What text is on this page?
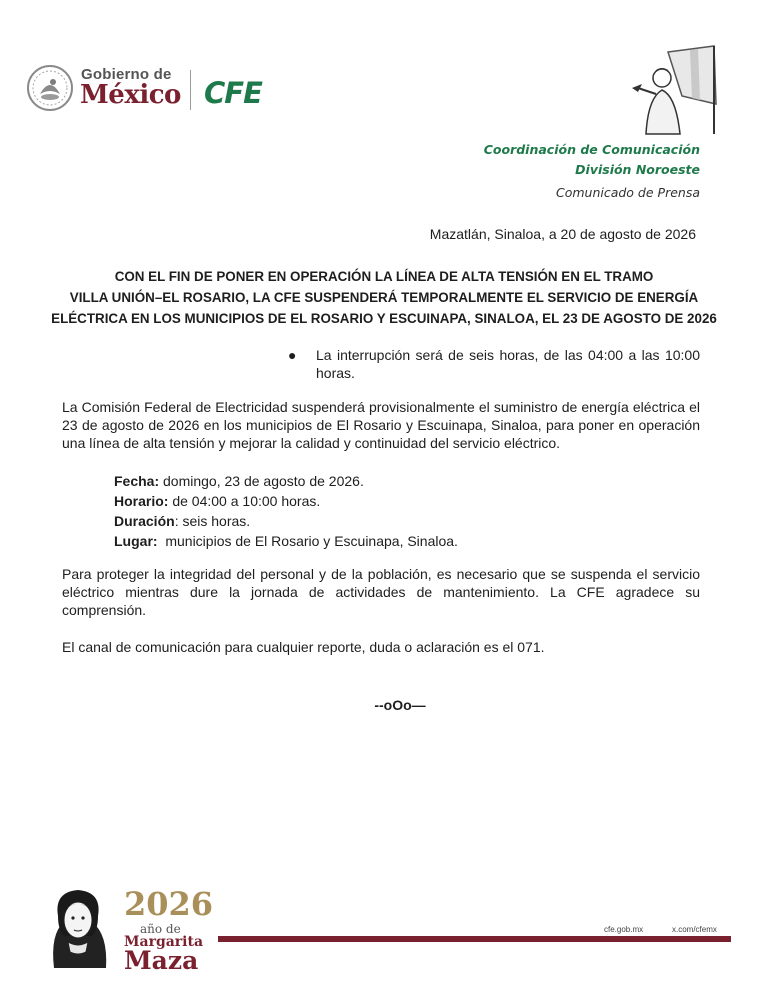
Gobierno de
México CFE
Coordinación de Comunicación
División Noroeste
Comunicado de Prensa
Mazatlán, Sinaloa, a 20 de agosto de 2026
CON EL FIN DE PONER EN OPERACIÓN LA LÍNEA DE ALTA TENSIÓN EN EL TRAMO
VILLA UNIÓN–EL ROSARIO, LA CFE SUSPENDERÁ TEMPORALMENTE EL SERVICIO DE ENERGÍA
ELÉCTRICA EN LOS MUNICIPIOS DE EL ROSARIO Y ESCUINAPA, SINALOA, EL 23 DE AGOSTO DE 2026
● La interrupción será de seis horas, de las 04:00 a las 10:00 horas.
La Comisión Federal de Electricidad suspenderá provisionalmente el suministro de energía eléctrica el 23 de agosto de 2026 en los municipios de El Rosario y Escuinapa, Sinaloa, para poner en operación una línea de alta tensión y mejorar la calidad y continuidad del servicio eléctrico.
Fecha: domingo, 23 de agosto de 2026.
Horario: de 04:00 a 10:00 horas.
Duración: seis horas.
Lugar:  municipios de El Rosario y Escuinapa, Sinaloa.
Para proteger la integridad del personal y de la población, es necesario que se suspenda el servicio eléctrico mientras dure la jornada de actividades de mantenimiento. La CFE agradece su comprensión.
El canal de comunicación para cualquier reporte, duda o aclaración es el 071.
--oOo—
2026
año de
Margarita
Maza
cfe.gob.mx	x.com/cfemx
